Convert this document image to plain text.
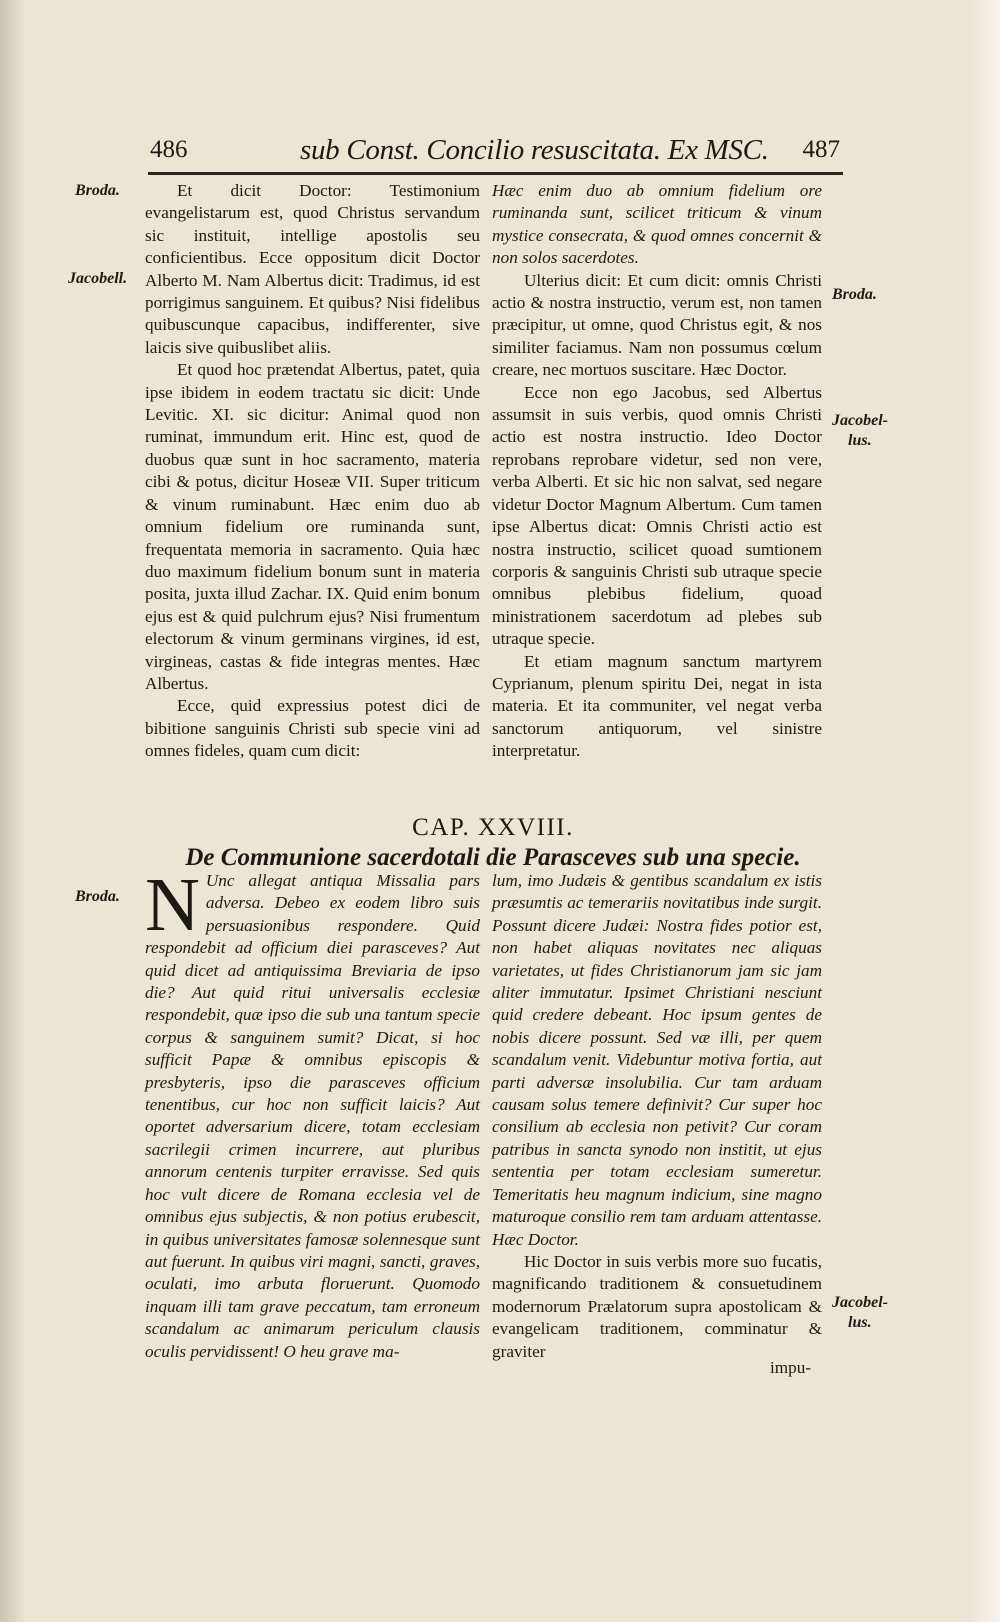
486	sub Const. Concilio resuscitata. Ex MSC. 487
Broda.
Jacobell.
Broda.
Jacobel-
lus.
Broda.
Jacobel-
lus.

Et dicit Doctor: Testimonium evangelistarum est, quod Christus servandum sic instituit, intellige apostolis seu conficientibus. Ecce oppositum dicit Doctor Alberto M. Nam Albertus dicit: Tradimus, id est porrigimus sanguinem. Et quibus? Nisi fidelibus quibuscunque capacibus, indifferenter, sive laicis sive quibuslibet aliis.

Et quod hoc prætendat Albertus, patet, quia ipse ibidem in eodem tractatu sic dicit: Unde Levitic. XI. sic dicitur: Animal quod non ruminat, immundum erit. Hinc est, quod de duobus quæ sunt in hoc sacramento, materia cibi & potus, dicitur Hoseæ VII. Super triticum & vinum ruminabunt. Hæc enim duo ab omnium fidelium ore ruminanda sunt, frequentata memoria in sacramento. Quia hæc duo maximum fidelium bonum sunt in materia posita, juxta illud Zachar. IX. Quid enim bonum ejus est & quid pulchrum ejus? Nisi frumentum electorum & vinum germinans virgines, id est, virgineas, castas & fide integras mentes. Hæc Albertus.

Ecce, quid expressius potest dici de bibitione sanguinis Christi sub specie vini ad omnes fideles, quam cum dicit:

Hæc enim duo ab omnium fidelium ore ruminanda sunt, scilicet triticum & vinum mystice consecrata, & quod omnes concernit & non solos sacerdotes.

Ulterius dicit: Et cum dicit: omnis Christi actio & nostra instructio, verum est, non tamen præcipitur, ut omne, quod Christus egit, & nos similiter faciamus. Nam non possumus cœlum creare, nec mortuos suscitare. Hæc Doctor.

Ecce non ego Jacobus, sed Albertus assumsit in suis verbis, quod omnis Christi actio est nostra instructio. Ideo Doctor reprobans reprobare videtur, sed non vere, verba Alberti. Et sic hic non salvat, sed negare videtur Doctor Magnum Albertum. Cum tamen ipse Albertus dicat: Omnis Christi actio est nostra instructio, scilicet quoad sumtionem corporis & sanguinis Christi sub utraque specie omnibus plebibus fidelium, quoad ministrationem sacerdotum ad plebes sub utraque specie.

Et etiam magnum sanctum martyrem Cyprianum, plenum spiritu Dei, negat in ista materia. Et ita communiter, vel negat verba sanctorum antiquorum, vel sinistre interpretatur.

CAP. XXVIII.
De Communione sacerdotali die Parasceves sub una specie.
N Unc allegat antiqua Missalia pars adversa. Debeo ex eodem libro suis persuasionibus respondere. Quid respondebit ad officium diei parasceves? Aut quid dicet ad antiquissima Breviaria de ipso die? Aut quid ritui universalis ecclesiæ respondebit, quæ ipso die sub una tantum specie corpus & sanguinem sumit? Dicat, si hoc sufficit Papæ & omnibus episcopis & presbyteris, ipso die parasceves officium tenentibus, cur hoc non sufficit laicis? Aut oportet adversarium dicere, totam ecclesiam sacrilegii crimen incurrere, aut pluribus annorum centenis turpiter erravisse. Sed quis hoc vult dicere de Romana ecclesia vel de omnibus ejus subjectis, & non potius erubescit, in quibus universitates famosæ solennesque sunt aut fuerunt. In quibus viri magni, sancti, graves, oculati, imo arbuta floruerunt. Quomodo inquam illi tam grave peccatum, tam erroneum scandalum ac animarum periculum clausis oculis pervidissent! O heu grave ma-

lum, imo Judæis & gentibus scandalum ex istis præsumtis ac temerariis novitatibus inde surgit. Possunt dicere Judæi: Nostra fides potior est, non habet aliquas novitates nec aliquas varietates, ut fides Christianorum jam sic jam aliter immutatur. Ipsimet Christiani nesciunt quid credere debeant. Hoc ipsum gentes de nobis dicere possunt. Sed væ illi, per quem scandalum venit. Videbuntur motiva fortia, aut parti adversæ insolubilia. Cur tam arduam causam solus temere definivit? Cur super hoc consilium ab ecclesia non petivit? Cur coram patribus in sancta synodo non institit, ut ejus sententia per totam ecclesiam sumeretur. Temeritatis heu magnum indicium, sine magno maturoque consilio rem tam arduam attentasse. Hæc Doctor.

Hic Doctor in suis verbis more suo fucatis, magnificando traditionem & consuetudinem modernorum Prælatorum supra apostolicam & evangelicam traditionem, comminatur & graviter

impu-
